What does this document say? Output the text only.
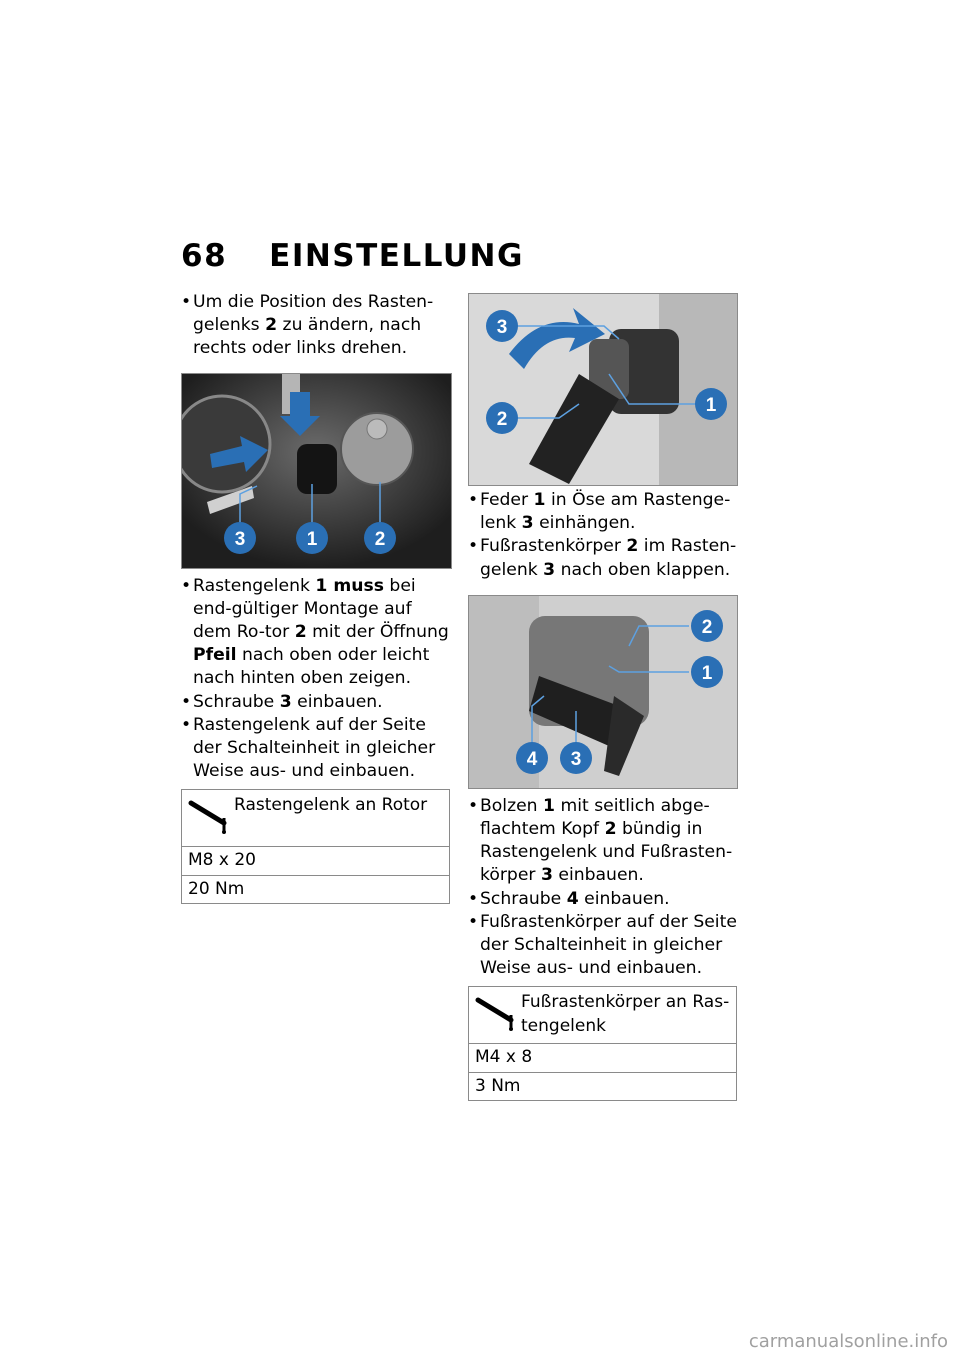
68 EINSTELLUNG
• Um die Position des Rasten-gelenks 2 zu ändern, nach rechts oder links drehen.
3	1	2
• Rastengelenk 1 muss bei end-gültiger Montage auf dem Ro-tor 2 mit der Öffnung Pfeil nach oben oder leicht nach hinten oben zeigen.
• Schraube 3 einbauen.
• Rastengelenk auf der Seite der Schalteinheit in gleicher Weise aus- und einbauen.
Rastengelenk an Rotor
M8 x 20
20 Nm
3
2
1
• Feder 1 in Öse am Rastenge-lenk 3 einhängen.
• Fußrastenkörper 2 im Rasten-gelenk 3 nach oben klappen.
2
1
4 3
• Bolzen 1 mit seitlich abge-flachtem Kopf 2 bündig in Rastengelenk und Fußrasten-körper 3 einbauen.
• Schraube 4 einbauen.
• Fußrastenkörper auf der Seite der Schalteinheit in gleicher Weise aus- und einbauen.
Fußrastenkörper an Ras-tengelenk
M4 x 8
3 Nm
carmanualsonline.info
